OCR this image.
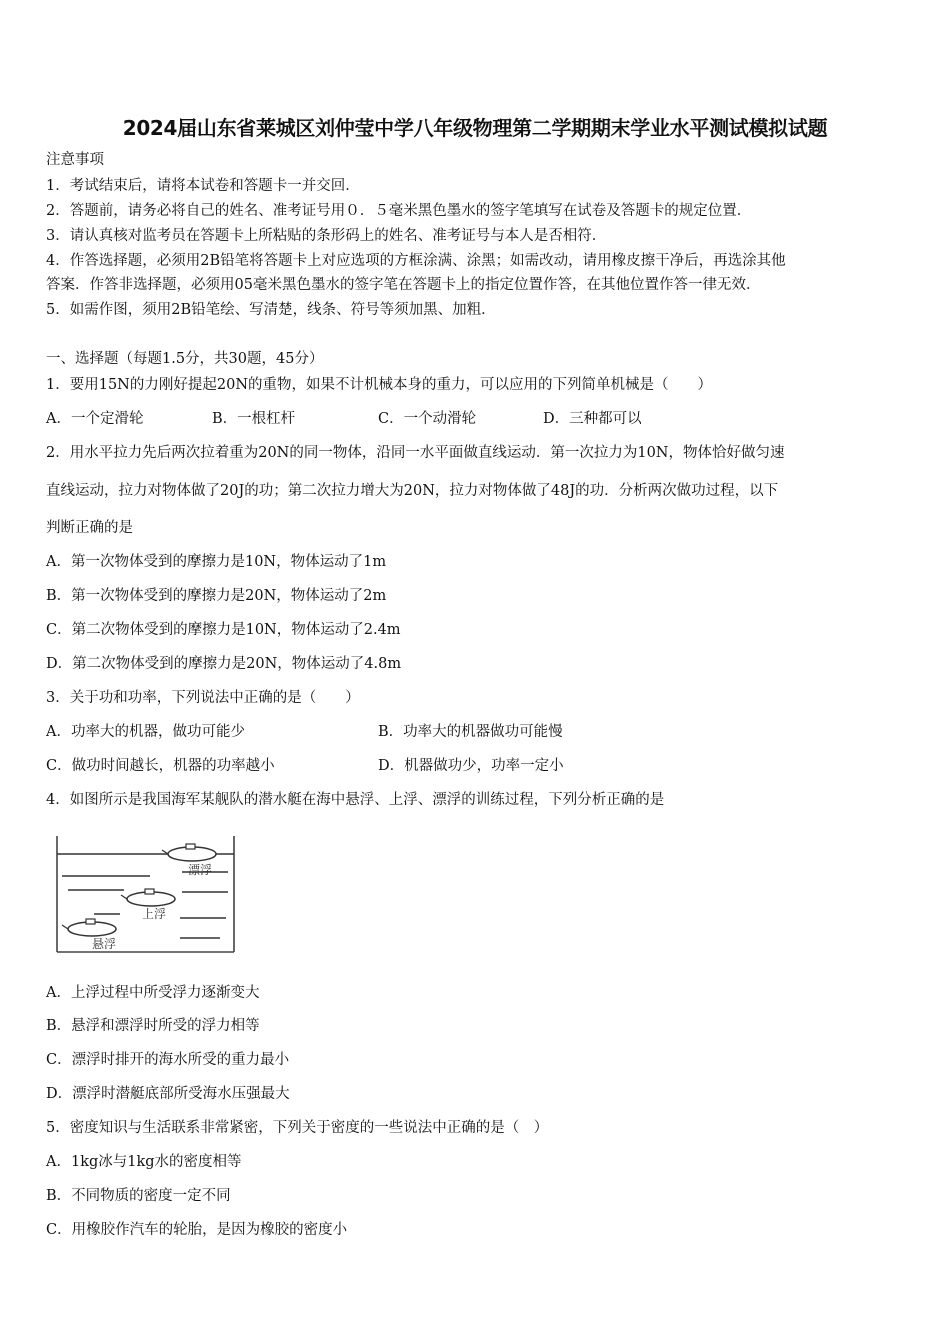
2024届山东省莱城区刘仲莹中学八年级物理第二学期期末学业水平测试模拟试题
注意事项
1．考试结束后，请将本试卷和答题卡一并交回．
2．答题前，请务必将自己的姓名、准考证号用０．５毫米黑色墨水的签字笔填写在试卷及答题卡的规定位置．
3．请认真核对监考员在答题卡上所粘贴的条形码上的姓名、准考证号与本人是否相符．
4．作答选择题，必须用2B铅笔将答题卡上对应选项的方框涂满、涂黑；如需改动，请用橡皮擦干净后，再选涂其他
答案．作答非选择题，必须用05毫米黑色墨水的签字笔在答题卡上的指定位置作答，在其他位置作答一律无效．
5．如需作图，须用2B铅笔绘、写清楚，线条、符号等须加黑、加粗．
一、选择题（每题1.5分，共30题，45分）
1．要用15N的力刚好提起20N的重物，如果不计机械本身的重力，可以应用的下列简单机械是（　　）
A．一个定滑轮	B．一根杠杆	C．一个动滑轮	D．三种都可以
2．用水平拉力先后两次拉着重为20N的同一物体，沿同一水平面做直线运动．第一次拉力为10N，物体恰好做匀速
直线运动，拉力对物体做了20J的功；第二次拉力增大为20N，拉力对物体做了48J的功．分析两次做功过程，以下
判断正确的是
A．第一次物体受到的摩擦力是10N，物体运动了1m
B．第一次物体受到的摩擦力是20N，物体运动了2m
C．第二次物体受到的摩擦力是10N，物体运动了2.4m
D．第二次物体受到的摩擦力是20N，物体运动了4.8m
3．关于功和功率，下列说法中正确的是（　　）
A．功率大的机器，做功可能少	B．功率大的机器做功可能慢
C．做功时间越长，机器的功率越小	D．机器做功少，功率一定小
4．如图所示是我国海军某舰队的潜水艇在海中悬浮、上浮、漂浮的训练过程，下列分析正确的是
漂浮
上浮
悬浮
A．上浮过程中所受浮力逐渐变大
B．悬浮和漂浮时所受的浮力相等
C．漂浮时排开的海水所受的重力最小
D．漂浮时潜艇底部所受海水压强最大
5．密度知识与生活联系非常紧密，下列关于密度的一些说法中正确的是（　）
A．1kg冰与1kg水的密度相等
B．不同物质的密度一定不同
C．用橡胶作汽车的轮胎，是因为橡胶的密度小
